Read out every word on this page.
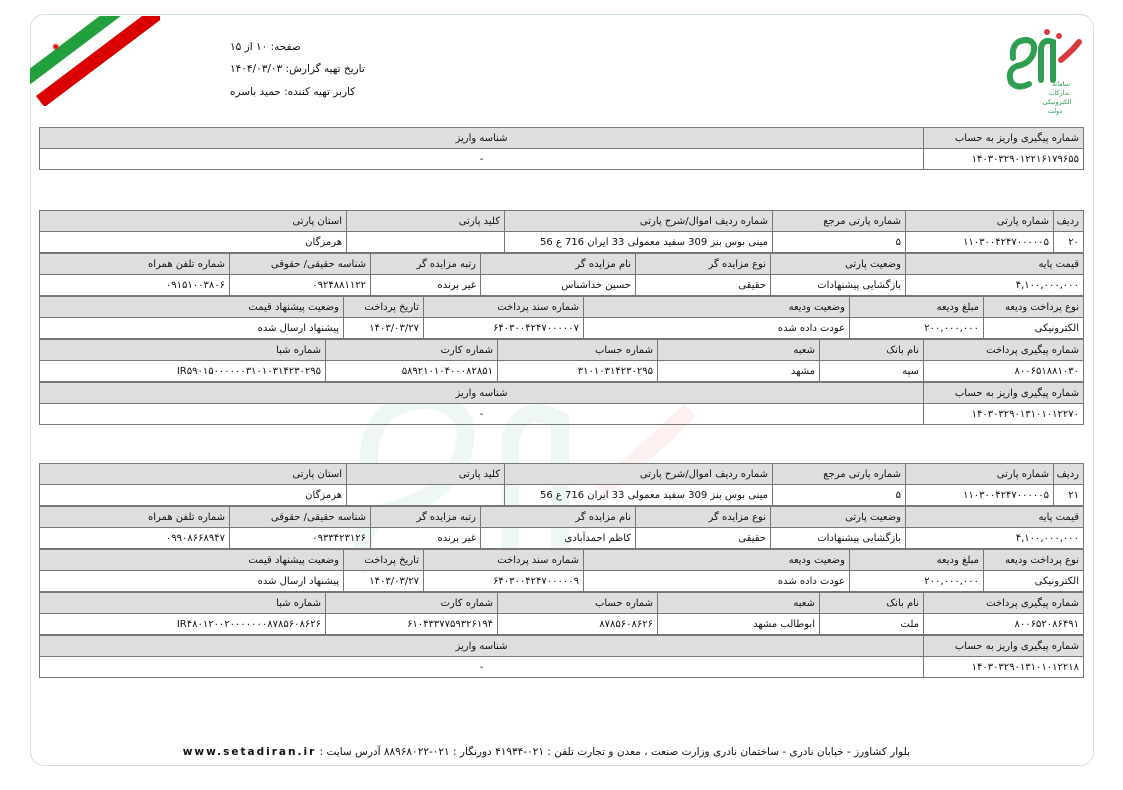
✺
سامانه
تدارکات
الکترونیکی
دولت
صفحه: ۱۰ از ۱۵
تاریخ تهیه گزارش: ۱۴۰۴/۰۳/۰۳
کاربر تهیه کننده: حمید باسره
شماره پیگیری واریز به حساب	شناسه واریز
۱۴۰۳۰۳۲۹۰۱۲۲۱۶۱۷۹۶۵۵	-
ردیف	شماره پارتی	شماره پارتی مرجع	شماره ردیف اموال/شرح پارتی	کلید پارتی	استان پارتی
۲۰	۱۱۰۳۰۰۴۲۴۷۰۰۰۰۰۵	۵	مینی بوس بنز 309 سفید معمولی 33 ایران 716 ع 56		هرمزگان
قیمت پایه	وضعیت پارتی	نوع مزایده گر	نام مزایده گر	رتبه مزایده گر	شناسه حقیقی/ حقوقی
۴,۱۰۰,۰۰۰,۰۰۰	بازگشایی پیشنهادات	حقیقی	حسین خداشناس	غیر برنده	۰۹۲۴۸۸۱۱۲۲
شماره تلفن همراه
۰۹۱۵۱۰۰۳۸۰۶
نوع پرداخت ودیعه	مبلغ ودیعه	وضعیت ودیعه	شماره سند پرداخت	تاریخ پرداخت	وضعیت پیشنهاد قیمت
الکترونیکی	۲۰۰,۰۰۰,۰۰۰	عودت داده شده	۶۴۰۳۰۰۴۲۴۷۰۰۰۰۰۷	۱۴۰۳/۰۳/۲۷	پیشنهاد ارسال شده
شماره پیگیری پرداخت	نام بانک	شعبه	شماره حساب	شماره کارت	شماره شبا
۸۰۰۶۵۱۸۸۱۰۳۰	سپه	مشهد	۳۱۰۱۰۳۱۴۲۳۰۲۹۵	۵۸۹۲۱۰۱۰۴۰۰۰۸۲۸۵۱	IR۵۹۰۱۵۰۰۰۰۰۰۳۱۰۱۰۳۱۴۲۳۰۲۹۵
شماره پیگیری واریز به حساب	شناسه واریز
۱۴۰۳۰۳۲۹۰۱۳۱۰۱۰۱۲۲۷۰	-
ردیف	شماره پارتی	شماره پارتی مرجع	شماره ردیف اموال/شرح پارتی	کلید پارتی	استان پارتی
۲۱	۱۱۰۳۰۰۴۲۴۷۰۰۰۰۰۵	۵	مینی بوس بنز 309 سفید معمولی 33 ایران 716 ع 56		هرمزگان
قیمت پایه	وضعیت پارتی	نوع مزایده گر	نام مزایده گر	رتبه مزایده گر	شناسه حقیقی/ حقوقی
۴,۱۰۰,۰۰۰,۰۰۰	بازگشایی پیشنهادات	حقیقی	کاظم احمدآبادی	غیر برنده	۰۹۳۳۴۲۳۱۲۶
شماره تلفن همراه
۰۹۹۰۸۶۶۸۹۴۷
نوع پرداخت ودیعه	مبلغ ودیعه	وضعیت ودیعه	شماره سند پرداخت	تاریخ پرداخت	وضعیت پیشنهاد قیمت
الکترونیکی	۲۰۰,۰۰۰,۰۰۰	عودت داده شده	۶۴۰۳۰۰۴۲۴۷۰۰۰۰۰۹	۱۴۰۳/۰۳/۲۷	پیشنهاد ارسال شده
شماره پیگیری پرداخت	نام بانک	شعبه	شماره حساب	شماره کارت	شماره شبا
۸۰۰۶۵۲۰۸۶۴۹۱	ملت	ابوطالب مشهد	۸۷۸۵۶۰۸۶۲۶	۶۱۰۴۳۳۷۷۵۹۳۲۶۱۹۴	IR۴۸۰۱۲۰۰۲۰۰۰۰۰۰۰۸۷۸۵۶۰۸۶۲۶
شماره پیگیری واریز به حساب	شناسه واریز
۱۴۰۳۰۳۲۹۰۱۳۱۰۱۰۱۲۲۱۸	-
بلوار کشاورز - خیابان نادری - ساختمان نادری وزارت صنعت ، معدن و تجارت تلفن : ۰۲۱-۴۱۹۳۴ دورنگار : ۰۲۱-۸۸۹۶۸۰۲۲ آدرس سایت : www.setadiran.ir
